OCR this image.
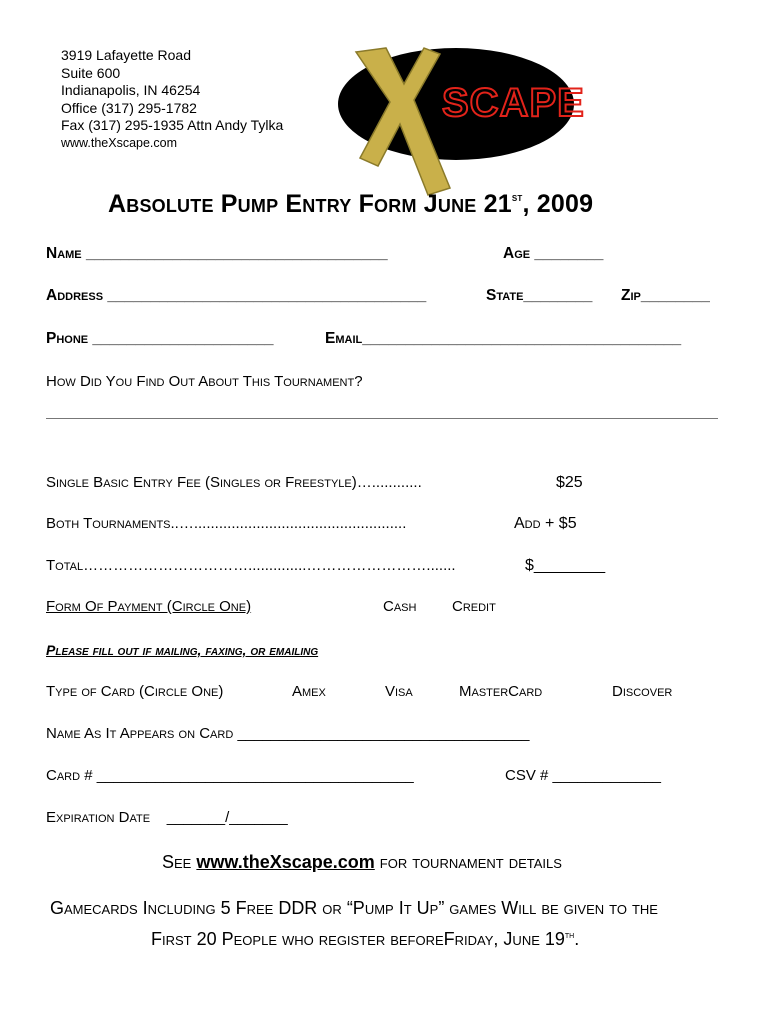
3919 Lafayette Road
Suite 600
Indianapolis, IN 46254
Office (317) 295-1782
Fax (317) 295-1935 Attn Andy Tylka
www.theXscape.com
SCAPE
Absolute Pump Entry Form June 21st, 2009
Name ___________________________________	Age ________
Address _____________________________________	State________ Zip________
Phone _____________________	Email_____________________________________
How Did You Find Out About This Tournament?
Single Basic Entry Fee (Singles or Freestyle)…............	$25
Both Tournaments..…...................................................	Add + $5
Total……………………………..............…………………….......	$________
Form Of Payment (Circle One)	Cash Credit
Please fill out if mailing, faxing, or emailing
Type of Card (Circle One)	Amex	Visa	MasterCard	Discover
Name As It Appears on Card ___________________________________
Card # ______________________________________	CSV # _____________
Expiration Date    _______/_______
See www.theXscape.com for tournament details
Gamecards Including 5 Free DDR or “Pump It Up” games Will be given to the
First 20 People who register beforeFriday, June 19th.
